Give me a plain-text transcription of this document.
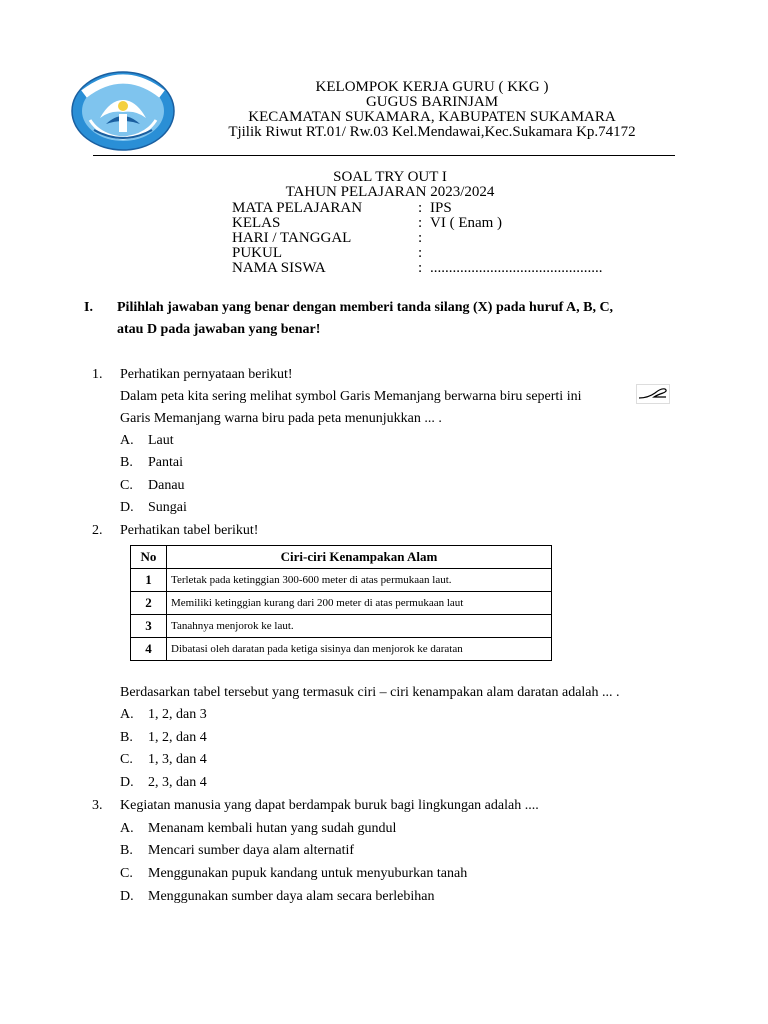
KELOMPOK KERJA GURU ( KKG )
GUGUS BARINJAM
KECAMATAN SUKAMARA, KABUPATEN SUKAMARA
Tjilik Riwut RT.01/ Rw.03 Kel.Mendawai,Kec.Sukamara Kp.74172
SOAL TRY OUT I
TAHUN PELAJARAN 2023/2024
MATA PELAJARAN	: IPS
KELAS	: VI ( Enam )
HARI / TANGGAL	:
PUKUL	:
NAMA SISWA	: ..............................................
I. Pilihlah jawaban yang benar dengan memberi tanda silang (X) pada huruf A, B, C,
atau D pada jawaban yang benar!
1. Perhatikan pernyataan berikut!
Dalam peta kita sering melihat symbol Garis Memanjang berwarna biru seperti ini
Garis Memanjang warna biru pada peta menunjukkan ... .
A. Laut
B. Pantai
C. Danau
D. Sungai
2. Perhatikan tabel berikut!
No	Ciri-ciri Kenampakan Alam
1	Terletak pada ketinggian 300-600 meter di atas permukaan laut.
2	Memiliki ketinggian kurang dari 200 meter di atas permukaan laut
3	Tanahnya menjorok ke laut.
4	Dibatasi oleh daratan pada ketiga sisinya dan menjorok ke daratan
Berdasarkan tabel tersebut yang termasuk ciri – ciri kenampakan alam daratan adalah ... .
A. 1, 2, dan 3
B. 1, 2, dan 4
C. 1, 3, dan 4
D. 2, 3, dan 4
3. Kegiatan manusia yang dapat berdampak buruk bagi lingkungan adalah ....
A. Menanam kembali hutan yang sudah gundul
B. Mencari sumber daya alam alternatif
C. Menggunakan pupuk kandang untuk menyuburkan tanah
D. Menggunakan sumber daya alam secara berlebihan
